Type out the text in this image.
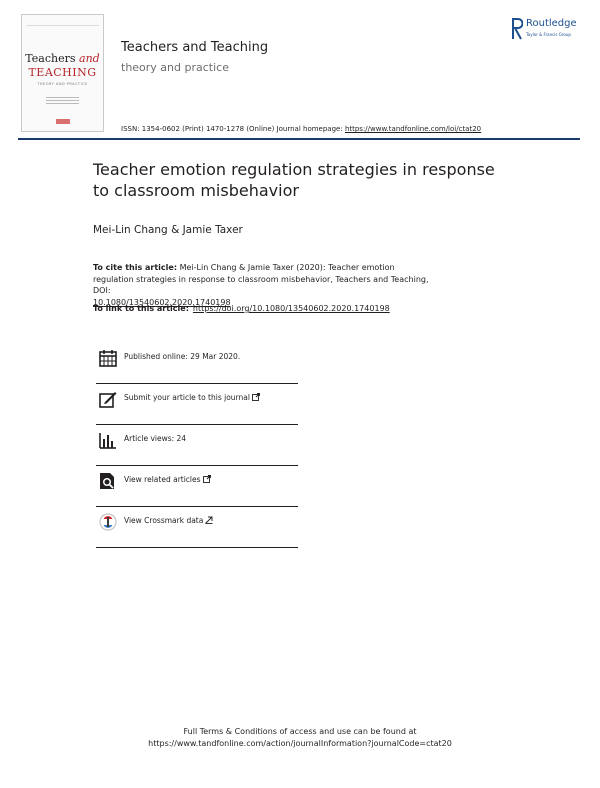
Teachers and
TEACHING
THEORY AND PRACTICE
Teachers and Teaching
theory and practice
Routledge
Taylor & Francis Group
ISSN: 1354-0602 (Print) 1470-1278 (Online) Journal homepage: https://www.tandfonline.com/loi/ctat20
Teacher emotion regulation strategies in response
to classroom misbehavior
Mei-Lin Chang & Jamie Taxer
To cite this article: Mei-Lin Chang & Jamie Taxer (2020): Teacher emotion regulation strategies in response to classroom misbehavior, Teachers and Teaching, DOI:
10.1080/13540602.2020.1740198
To link to this article: https://doi.org/10.1080/13540602.2020.1740198
Published online: 29 Mar 2020.
Submit your article to this journal
Article views: 24
View related articles
View Crossmark data
Full Terms & Conditions of access and use can be found at
https://www.tandfonline.com/action/journalInformation?journalCode=ctat20
